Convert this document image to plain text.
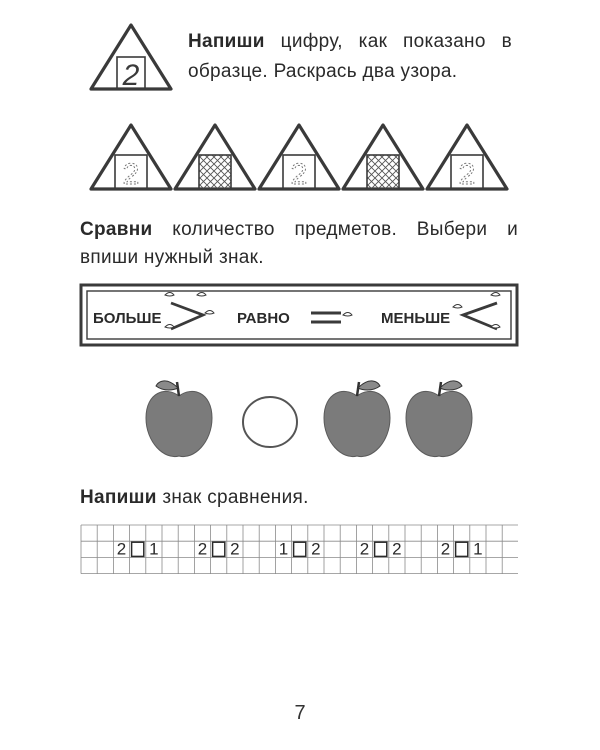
2
Напиши цифру, как показано в
образце. Раскрась два узора.
2	2	2
Сравни количество предметов. Выбери и
впиши нужный знак.
БОЛЬШЕ	РАВНО	МЕНЬШЕ
Напиши знак сравнения.
2 1 2 2 1 2 2 2 2 1
7
